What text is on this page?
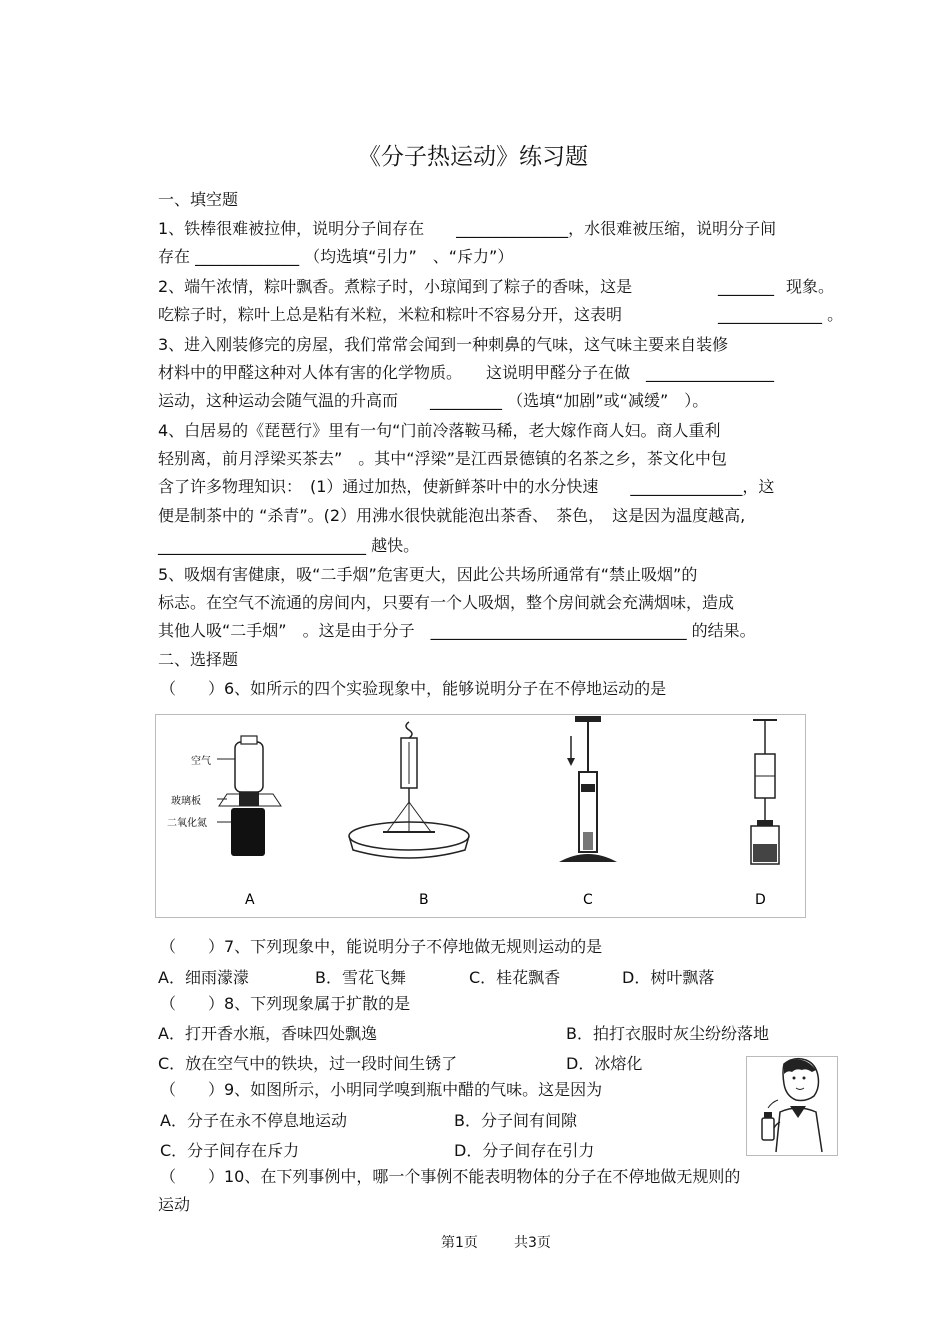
《分子热运动》练习题
一、填空题
1、铁棒很难被拉伸，说明分子间存在　　______________，水很难被压缩，说明分子间
存在 _____________ （均选填“引力”　、“斥力”）
2、端午浓情，粽叶飘香。煮粽子时，小琼闻到了粽子的香味，这是	_______ 现象。
吃粽子时，粽叶上总是粘有米粒，米粒和粽叶不容易分开，这表明	_____________ 。
3、进入刚装修完的房屋，我们常常会闻到一种刺鼻的气味，这气味主要来自装修
材料中的甲醛这种对人体有害的化学物质。　　这说明甲醛分子在做　________________
运动，这种运动会随气温的升高而　　_________ （选填“加剧”或“减缓”　）。
4、白居易的《琵琶行》里有一句“门前冷落鞍马稀，老大嫁作商人妇。商人重利
轻别离，前月浮梁买茶去”　。其中“浮梁”是江西景德镇的名茶之乡，茶文化中包
含了许多物理知识：　(1）通过加热，使新鲜茶叶中的水分快速　　______________，这
便是制茶中的 “杀青”。(2）用沸水很快就能泡出茶香、　茶色，　这是因为温度越高,
__________________________ 越快。
5、吸烟有害健康，吸“二手烟”危害更大，因此公共场所通常有“禁止吸烟”的
标志。在空气不流通的房间内，只要有一个人吸烟，整个房间就会充满烟味，造成
其他人吸“二手烟”　。这是由于分子　________________________________ 的结果。
二、选择题
（　　）6、如所示的四个实验现象中，能够说明分子在不停地运动的是
空气
玻璃板
二氧化氮
A	B	C	D
（　　）7、下列现象中，能说明分子不停地做无规则运动的是
A．细雨濛濛	B．雪花飞舞	C．桂花飘香	D．树叶飘落
（　　）8、下列现象属于扩散的是
A．打开香水瓶，香味四处飘逸	B．拍打衣服时灰尘纷纷落地
C．放在空气中的铁块，过一段时间生锈了	D．冰熔化
（　　）9、如图所示，小明同学嗅到瓶中醋的气味。这是因为
A．分子在永不停息地运动	B．分子间有间隙
C．分子间存在斥力	D．分子间存在引力
（　　）10、在下列事例中，哪一个事例不能表明物体的分子在不停地做无规则的
运动
第1页	共3页
